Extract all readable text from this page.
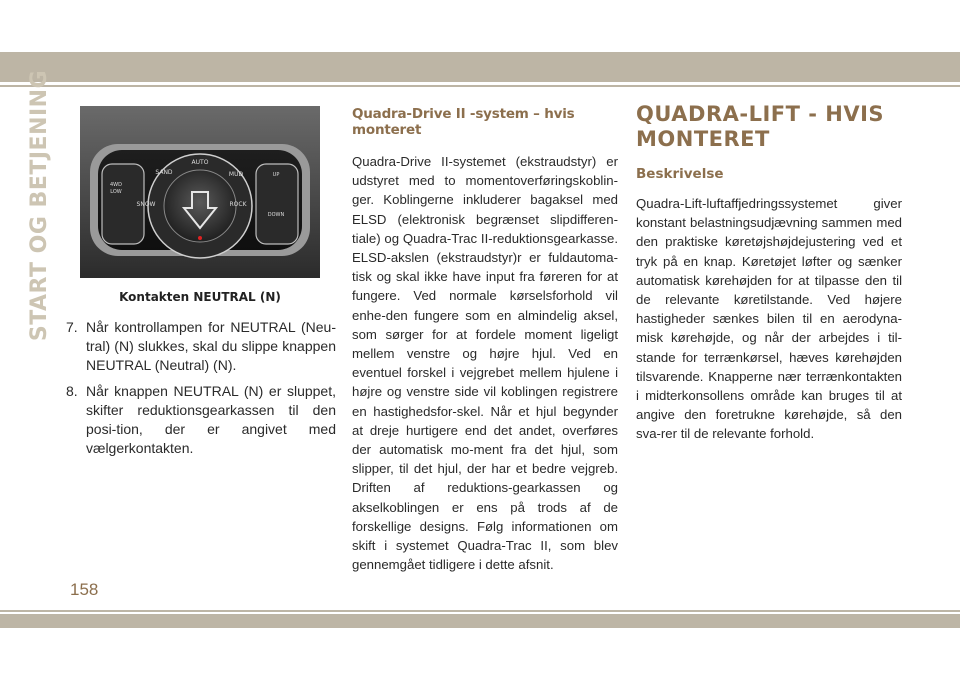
START OG BETJENING	AUTO
SAND	MUD
4WD
LOW
SNOW	ROCK
UP
DOWN
Kontakten NEUTRAL (N)
7. Når kontrollampen for NEUTRAL (Neu-tral) (N) slukkes, skal du slippe knappen NEUTRAL (Neutral) (N).
8. Når knappen NEUTRAL (N) er sluppet, skifter reduktionsgearkassen til den posi-tion, der er angivet med vælgerkontakten.
Quadra-Drive II -system – hvis monteret
Quadra-Drive II-systemet (ekstraudstyr) er udstyret med to momentoverføringskoblin-ger. Koblingerne inkluderer bagaksel med ELSD (elektronisk begrænset slipdifferen-tiale) og Quadra-Trac II-reduktionsgearkasse. ELSD-akslen (ekstraudstyr)r er fuldautoma-tisk og skal ikke have input fra føreren for at fungere. Ved normale kørselsforhold vil enhe-den fungere som en almindelig aksel, som sørger for at fordele moment ligeligt mellem venstre og højre hjul. Ved en eventuel forskel i vejgrebet mellem hjulene i højre og venstre side vil koblingen registrere en hastighedsfor-skel. Når et hjul begynder at dreje hurtigere end det andet, overføres der automatisk mo-ment fra det hjul, som slipper, til det hjul, der har et bedre vejgreb. Driften af reduktions-gearkassen og akselkoblingen er ens på trods af de forskellige designs. Følg informationen om skift i systemet Quadra-Trac II, som blev gennemgået tidligere i dette afsnit.
QUADRA-LIFT - HVIS
MONTERET
Beskrivelse
Quadra-Lift-luftaffjedringssystemet giver konstant belastningsudjævning sammen med den praktiske køretøjshøjdejustering ved et tryk på en knap. Køretøjet løfter og sænker automatisk kørehøjden for at tilpasse den til de relevante køretilstande. Ved højere hastigheder sænkes bilen til en aerodyna-misk kørehøjde, og når der arbejdes i til-stande for terrænkørsel, hæves kørehøjden tilsvarende. Knapperne nær terrænkontakten i midterkonsollens område kan bruges til at angive den foretrukne kørehøjde, så den sva-rer til de relevante forhold.
158
